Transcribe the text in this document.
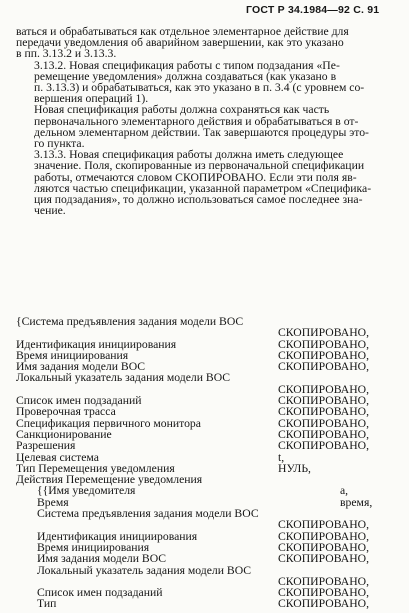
ГОСТ Р 34.1984—92 С. 91
ваться и обрабатываться как отдельное элементарное действие для
передачи уведомления об аварийном завершении, как это указано
в пп. 3.13.2 и 3.13.3.
3.13.2. Новая спецификация работы с типом подзадания «Пе-
ремещение уведомления» должна создаваться (как указано в
п. 3.13.3) и обрабатываться, как это указано в п. 3.4 (с уровнем со-
вершения операций 1).
Новая спецификация работы должна сохраняться как часть
первоначального элементарного действия и обрабатываться в от-
дельном элементарном действии. Так завершаются процедуры это-
го пункта.
3.13.3. Новая спецификация работы должна иметь следующее
значение. Поля, скопированные из первоначальной спецификации
работы, отмечаются словом СКОПИРОВАНО. Если эти поля яв-
ляются частью спецификации, указанной параметром «Специфика-
ция подзадания», то должно использоваться самое последнее зна-
чение.
{Система предъявления задания модели ВОС
СКОПИРОВАНО,
Идентификация инициирования	СКОПИРОВАНО,
Время инициирования	СКОПИРОВАНО,
Имя задания модели ВОС	СКОПИРОВАНО,
Локальный указатель задания модели ВОС
СКОПИРОВАНО,
Список имен подзаданий	СКОПИРОВАНО,
Проверочная трасса	СКОПИРОВАНО,
Спецификация первичного монитора	СКОПИРОВАНО,
Санкционирование	СКОПИРОВАНО,
Разрешения	СКОПИРОВАНО,
Целевая система	t,
Тип Перемещения уведомления	НУЛЬ,
Действия Перемещение уведомления
{{Имя уведомителя	a,
Время	время,
Система предъявления задания модели ВОС
СКОПИРОВАНО,
Идентификация инициирования	СКОПИРОВАНО,
Время инициирования	СКОПИРОВАНО,
Имя задания модели ВОС	СКОПИРОВАНО,
Локальный указатель задания модели ВОС
СКОПИРОВАНО,
Список имен подзаданий	СКОПИРОВАНО,
Тип	СКОПИРОВАНО,
